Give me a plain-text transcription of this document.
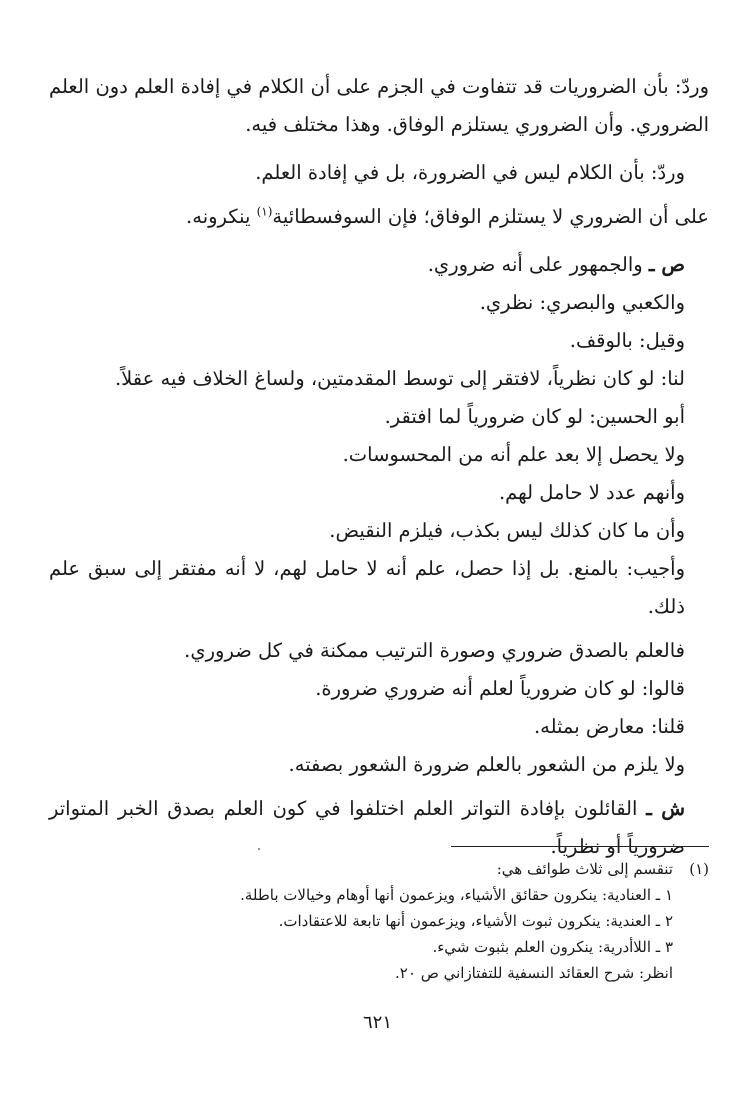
وردّ: بأن الضروريات قد تتفاوت في الجزم على أن الكلام في إفادة العلم دون العلم الضروري. وأن الضروري يستلزم الوفاق. وهذا مختلف فيه.

وردّ: بأن الكلام ليس في الضرورة، بل في إفادة العلم.

على أن الضروري لا يستلزم الوفاق؛ فإن السوفسطائية$^{(١)}$ ينكرونه.

ص ـ والجمهور على أنه ضروري.

والكعبي والبصري: نظري.

وقيل: بالوقف.

لنا: لو كان نظرياً، لافتقر إلى توسط المقدمتين، ولساغ الخلاف فيه عقلاً.

أبو الحسين: لو كان ضرورياً لما افتقر.

ولا يحصل إلا بعد علم أنه من المحسوسات.

وأنهم عدد لا حامل لهم.

وأن ما كان كذلك ليس بكذب، فيلزم النقيض.

وأجيب: بالمنع. بل إذا حصل، علم أنه لا حامل لهم، لا أنه مفتقر إلى سبق علم ذلك.

فالعلم بالصدق ضروري وصورة الترتيب ممكنة في كل ضروري.

قالوا: لو كان ضرورياً لعلم أنه ضروري ضرورة.

قلنا: معارض بمثله.

ولا يلزم من الشعور بالعلم ضرورة الشعور بصفته.

ش ـ القائلون بإفادة التواتر العلم اختلفوا في كون العلم بصدق الخبر المتواتر ضرورياً أو نظرياً.

(١)تنقسم إلى ثلاث طوائف هي:

١ ـ العنادية: ينكرون حقائق الأشياء، ويزعمون أنها أوهام وخيالات باطلة.

٢ ـ العندية: ينكرون ثبوت الأشياء، ويزعمون أنها تابعة للاعتقادات.

٣ ـ اللاأدرية: ينكرون العلم بثبوت شيء.

انظر: شرح العقائد النسفية للتفتازاني ص ٢٠.

٦٢١
